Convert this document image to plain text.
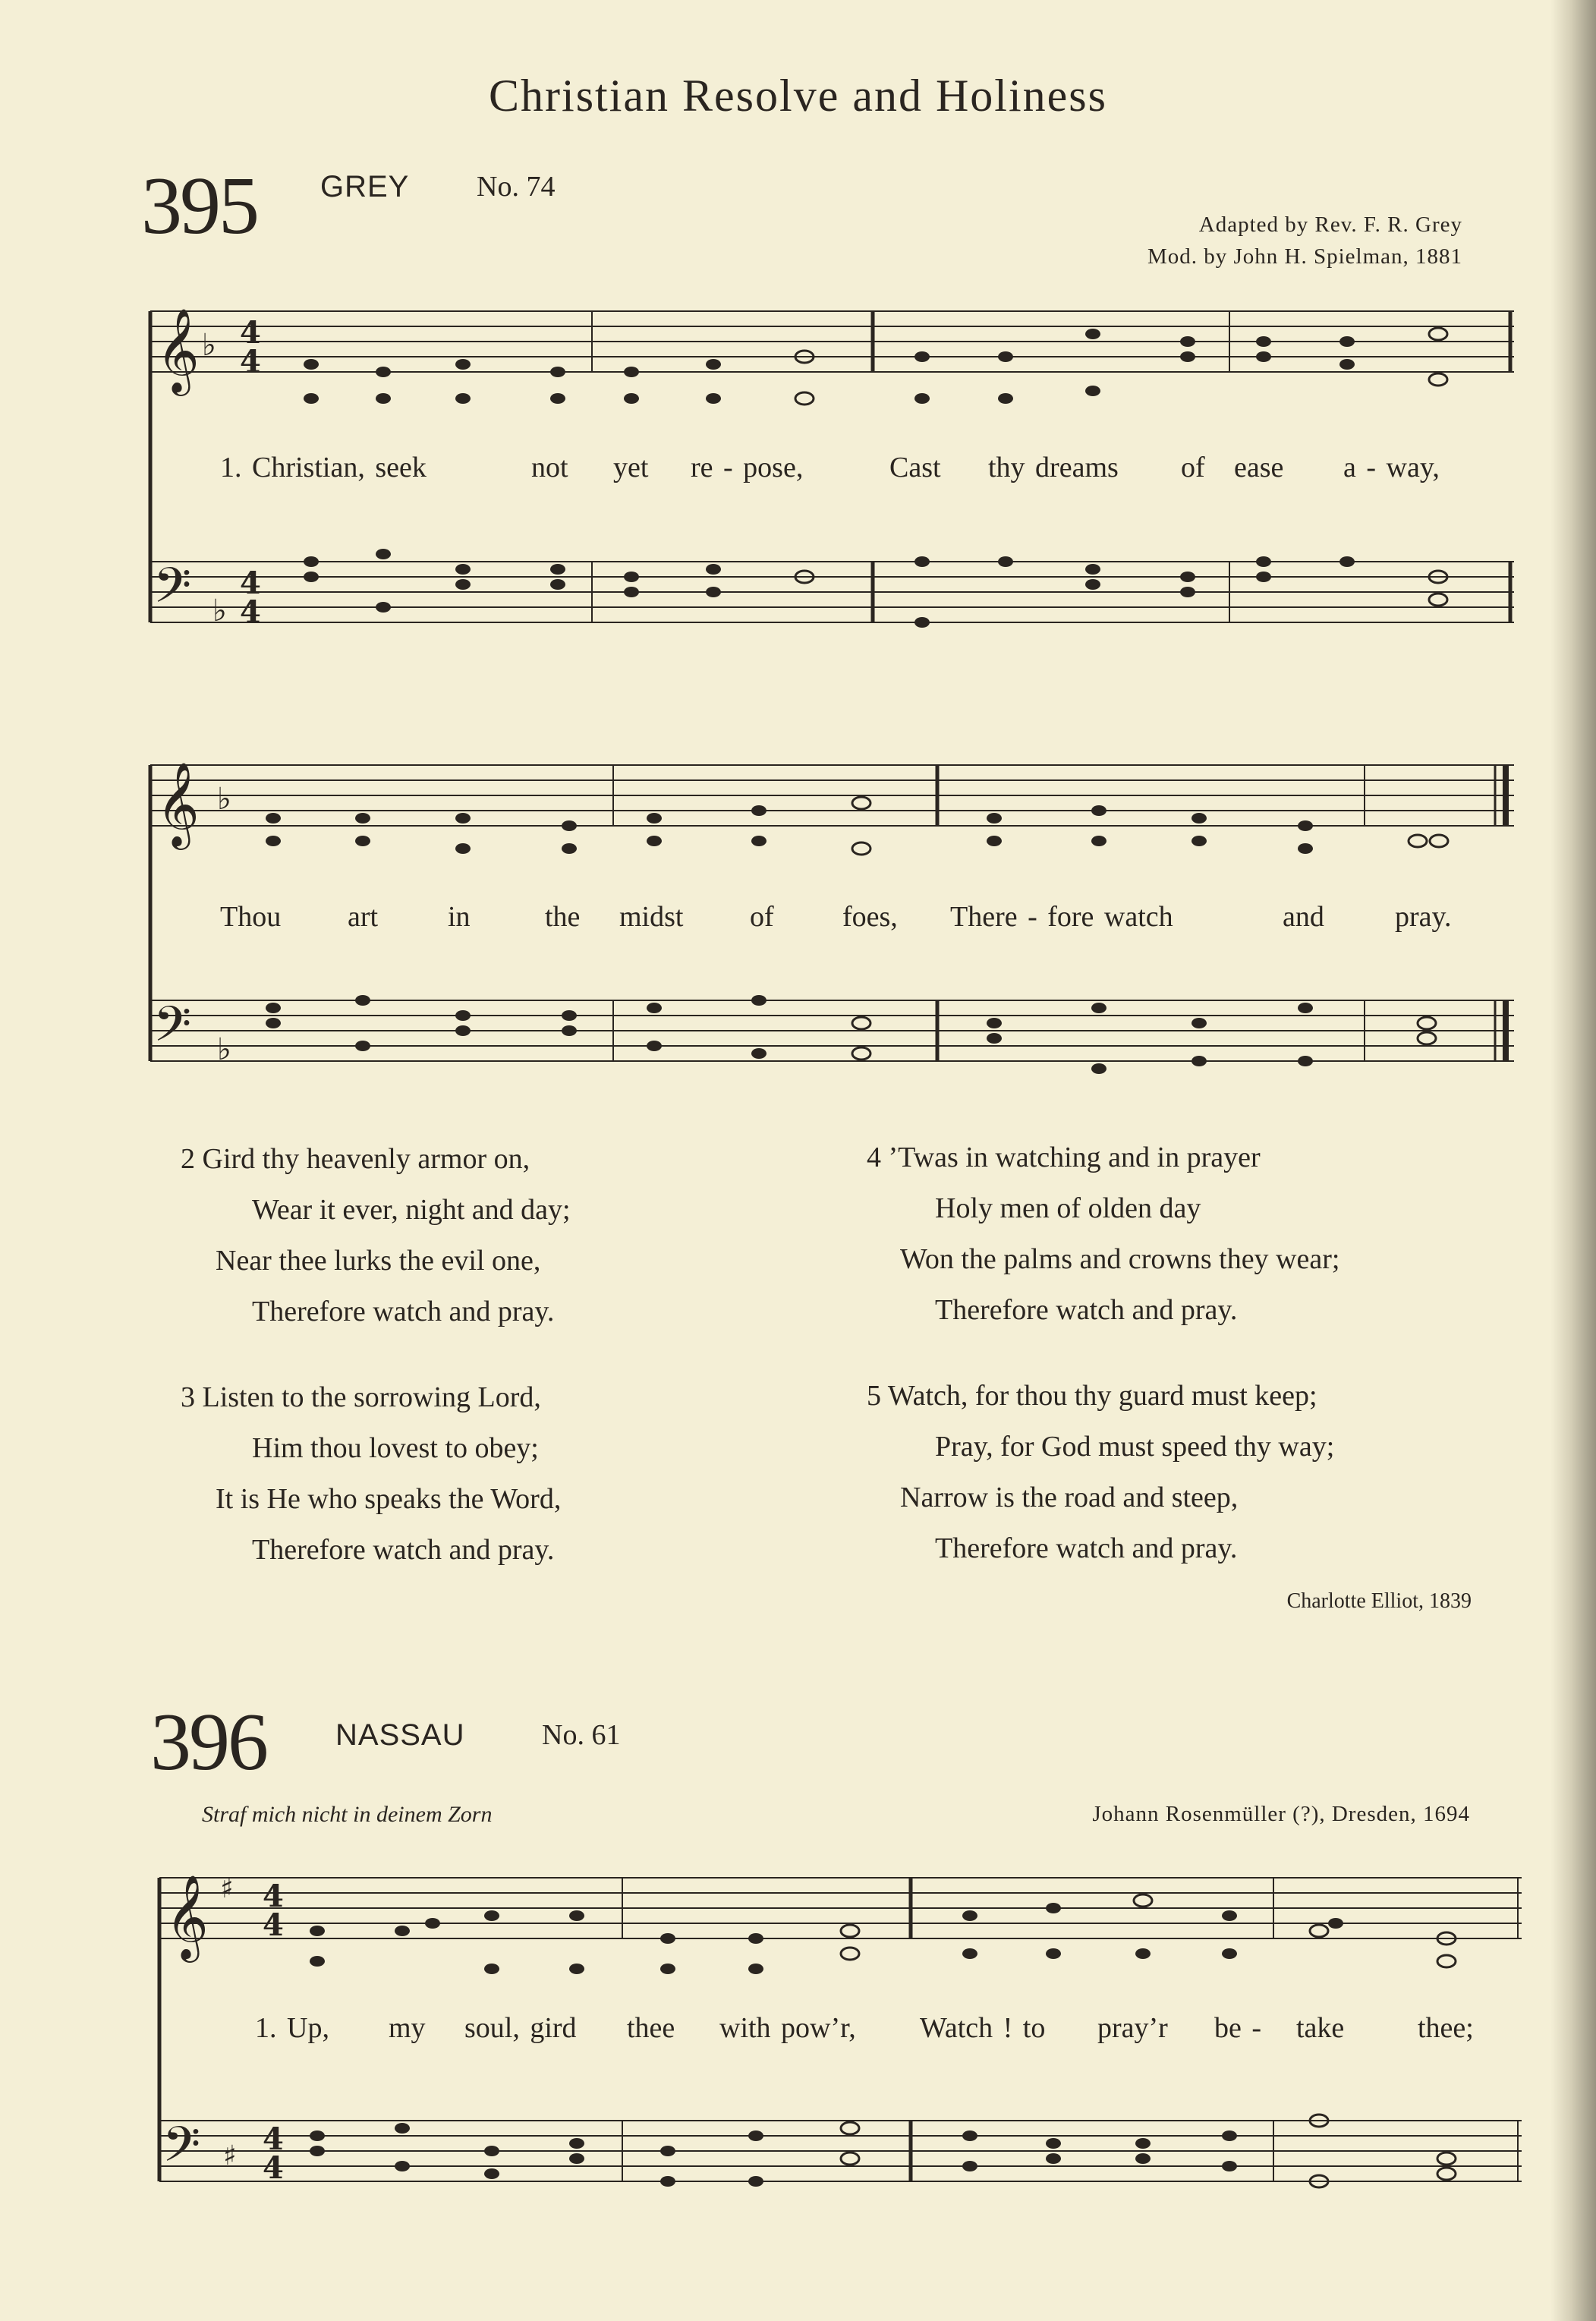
Christian Resolve and Holiness
395 GREY No. 74
Adapted by Rev. F. R. Grey
Mod. by John H. Spielman, 1881
𝄞 ♭ 4
4
𝄢 ♭
4
4
1. Christian, seek	not yet re - pose,	Cast thy dreams of ease a - way,
𝄞 ♭
𝄢 ♭
Thou art in	the midst of foes, There - fore watch	and pray.
2 Gird thy heavenly armor on,
Wear it ever, night and day;
Near thee lurks the evil one,
Therefore watch and pray.
3 Listen to the sorrowing Lord,
Him thou lovest to obey;
It is He who speaks the Word,
Therefore watch and pray.
4 ’Twas in watching and in prayer
Holy men of olden day
Won the palms and crowns they wear;
Therefore watch and pray.
5 Watch, for thou thy guard must keep;
Pray, for God must speed thy way;
Narrow is the road and steep,
Therefore watch and pray.
Charlotte Elliot, 1839
396 NASSAU	No. 61
Straf mich nicht in deinem Zorn	Johann Rosenmüller (?), Dresden, 1694
𝄞 ♯ 4
4
𝄢 ♯ 4
4
1. Up, my soul, gird thee with pow’r, Watch ! to pray’r be - take	thee;
